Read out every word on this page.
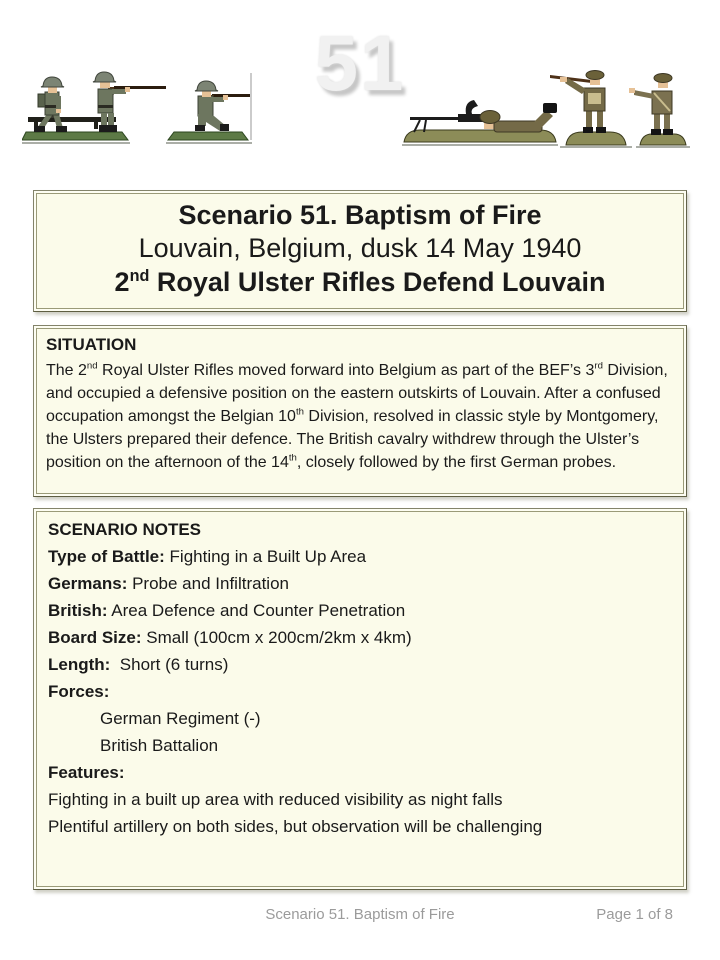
51
Scenario 51. Baptism of Fire
Louvain, Belgium, dusk 14 May 1940
2nd Royal Ulster Rifles Defend Louvain
SITUATION
The 2nd Royal Ulster Rifles moved forward into Belgium as part of the BEF’s 3rd Division, and occupied a defensive position on the eastern outskirts of Louvain. After a confused occupation amongst the Belgian 10th Division, resolved in classic style by Montgomery, the Ulsters prepared their defence. The British cavalry withdrew through the Ulster’s position on the afternoon of the 14th, closely followed by the first German probes.
SCENARIO NOTES
Type of Battle: Fighting in a Built Up Area
Germans: Probe and Infiltration
British: Area Defence and Counter Penetration
Board Size: Small (100cm x 200cm/2km x 4km)
Length:  Short (6 turns)
Forces:
German Regiment (-)
British Battalion
Features:
Fighting in a built up area with reduced visibility as night falls
Plentiful artillery on both sides, but observation will be challenging
Scenario 51. Baptism of Fire	Page 1 of 8
